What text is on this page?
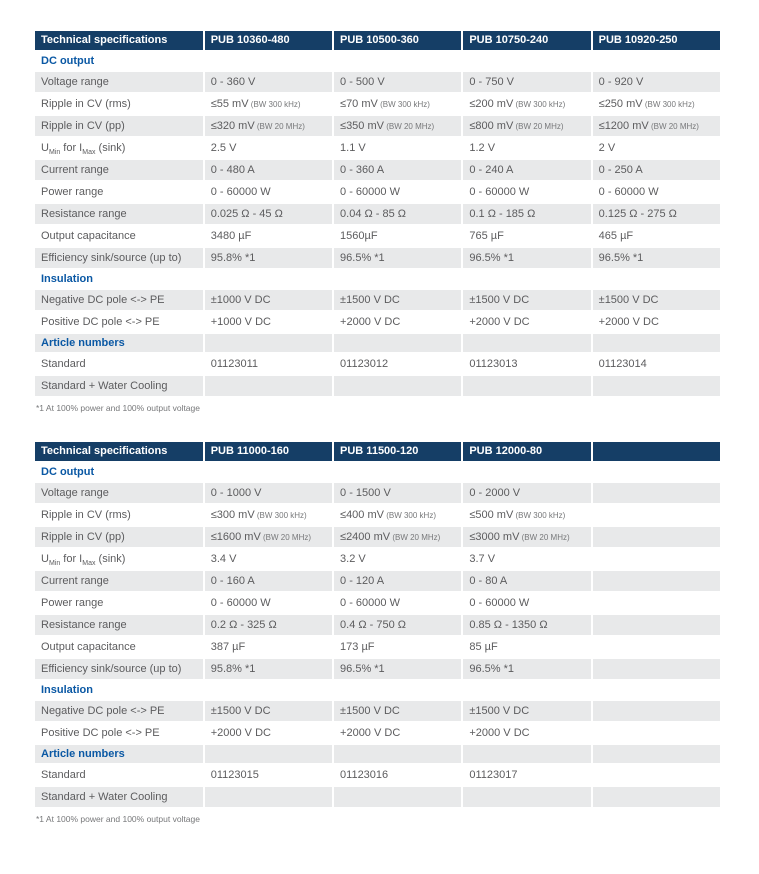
Technical specifications	PUB 10360-480	PUB 10500-360	PUB 10750-240	PUB 10920-250
DC output				
Voltage range	0 - 360 V	0 - 500 V	0 - 750 V	0 - 920 V
Ripple in CV (rms)	≤55 mV (BW 300 kHz)	≤70 mV (BW 300 kHz)	≤200 mV (BW 300 kHz)	≤250 mV (BW 300 kHz)
Ripple in CV (pp)	≤320 mV (BW 20 MHz)	≤350 mV (BW 20 MHz)	≤800 mV (BW 20 MHz)	≤1200 mV (BW 20 MHz)
$U_{Min}$ for $I_{Max}$ (sink)	2.5 V	1.1 V	1.2 V	2 V
Current range	0 - 480 A	0 - 360 A	0 - 240 A	0 - 250 A
Power range	0 - 60000 W	0 - 60000 W	0 - 60000 W	0 - 60000 W
Resistance range	0.025 Ω - 45 Ω	0.04 Ω - 85 Ω	0.1 Ω - 185 Ω	0.125 Ω - 275 Ω
Output capacitance	3480 µF	1560µF	765 µF	465 µF
Efficiency sink/source (up to)	95.8% *1	96.5% *1	96.5% *1	96.5% *1
Insulation				
Negative DC pole <-> PE	±1000 V DC	±1500 V DC	±1500 V DC	±1500 V DC
Positive DC pole <-> PE	+1000 V DC	+2000 V DC	+2000 V DC	+2000 V DC
Article numbers				
Standard	01123011	01123012	01123013	01123014
Standard + Water Cooling				
*1 At 100% power and 100% output voltage
Technical specifications	PUB 11000-160	PUB 11500-120	PUB 12000-80	
DC output				
Voltage range	0 - 1000 V	0 - 1500 V	0 - 2000 V	
Ripple in CV (rms)	≤300 mV (BW 300 kHz)	≤400 mV (BW 300 kHz)	≤500 mV (BW 300 kHz)	
Ripple in CV (pp)	≤1600 mV (BW 20 MHz)	≤2400 mV (BW 20 MHz)	≤3000 mV (BW 20 MHz)	
$U_{Min}$ for $I_{Max}$ (sink)	3.4 V	3.2 V	3.7 V	
Current range	0 - 160 A	0 - 120 A	0 - 80 A	
Power range	0 - 60000 W	0 - 60000 W	0 - 60000 W	
Resistance range	0.2 Ω - 325 Ω	0.4 Ω - 750 Ω	0.85 Ω - 1350 Ω	
Output capacitance	387 µF	173 µF	85 µF	
Efficiency sink/source (up to)	95.8% *1	96.5% *1	96.5% *1	
Insulation				
Negative DC pole <-> PE	±1500 V DC	±1500 V DC	±1500 V DC	
Positive DC pole <-> PE	+2000 V DC	+2000 V DC	+2000 V DC	
Article numbers				
Standard	01123015	01123016	01123017	
Standard + Water Cooling				
*1 At 100% power and 100% output voltage
